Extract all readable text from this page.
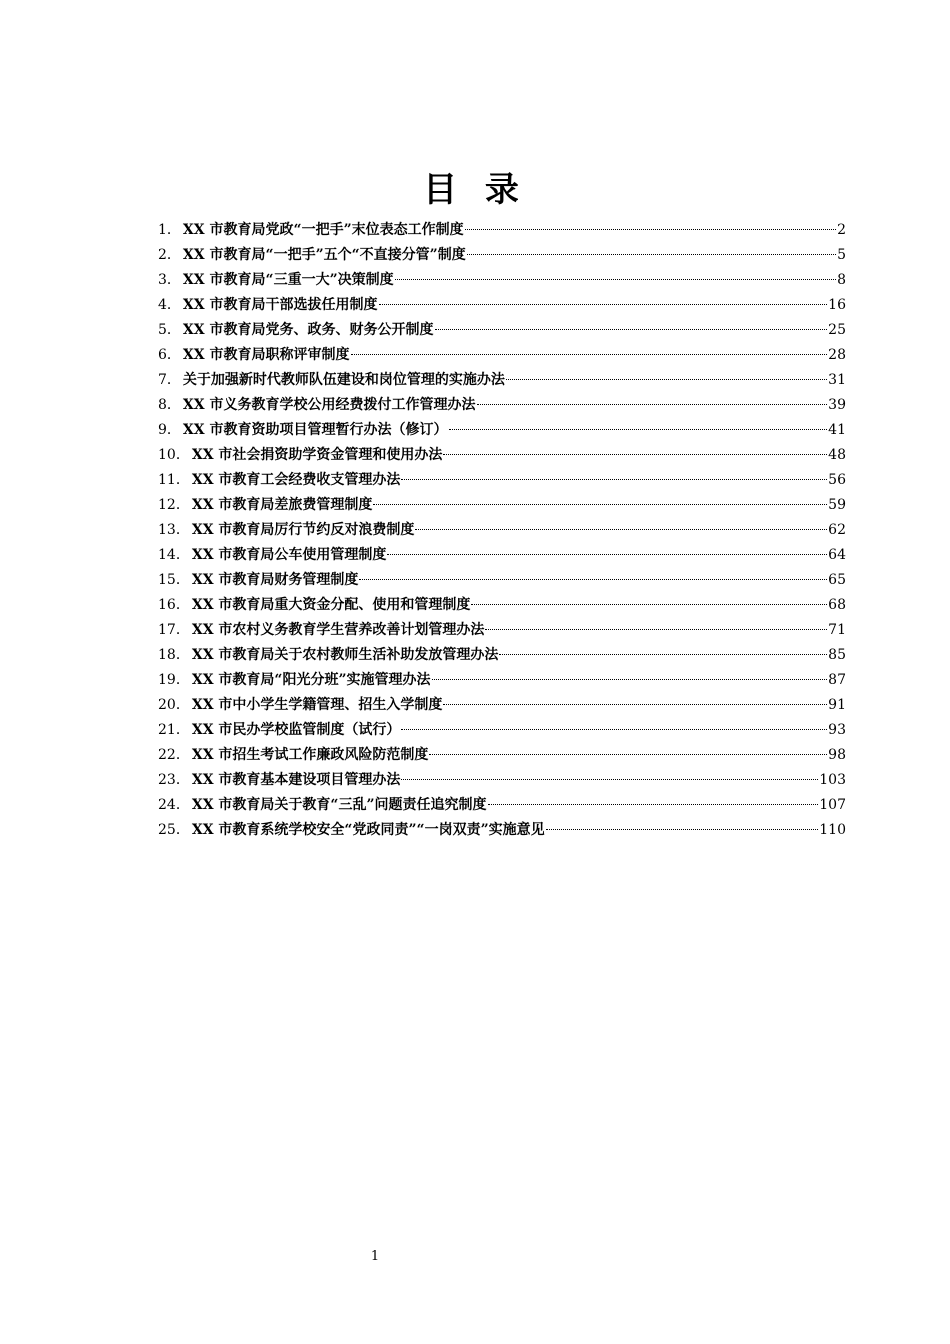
目 录
1． XX 市教育局党政“一把手”末位表态工作制度	2
2． XX 市教育局“一把手”五个“不直接分管”制度	5
3． XX 市教育局“三重一大”决策制度	8
4． XX 市教育局干部选拔任用制度	16
5． XX 市教育局党务、政务、财务公开制度	25
6． XX 市教育局职称评审制度	28
7． 关于加强新时代教师队伍建设和岗位管理的实施办法	31
8． XX 市义务教育学校公用经费拨付工作管理办法	39
9． XX 市教育资助项目管理暂行办法（修订）	41
10． XX 市社会捐资助学资金管理和使用办法	48
11． XX 市教育工会经费收支管理办法	56
12． XX 市教育局差旅费管理制度	59
13． XX 市教育局厉行节约反对浪费制度	62
14． XX 市教育局公车使用管理制度	64
15． XX 市教育局财务管理制度	65
16． XX 市教育局重大资金分配、使用和管理制度	68
17． XX 市农村义务教育学生营养改善计划管理办法	71
18． XX 市教育局关于农村教师生活补助发放管理办法	85
19． XX 市教育局“阳光分班”实施管理办法	87
20． XX 市中小学生学籍管理、招生入学制度	91
21． XX 市民办学校监管制度（试行）	93
22． XX 市招生考试工作廉政风险防范制度	98
23． XX 市教育基本建设项目管理办法	103
24． XX 市教育局关于教育“三乱”问题责任追究制度	107
25． XX 市教育系统学校安全“党政同责”“一岗双责”实施意见	110
1
